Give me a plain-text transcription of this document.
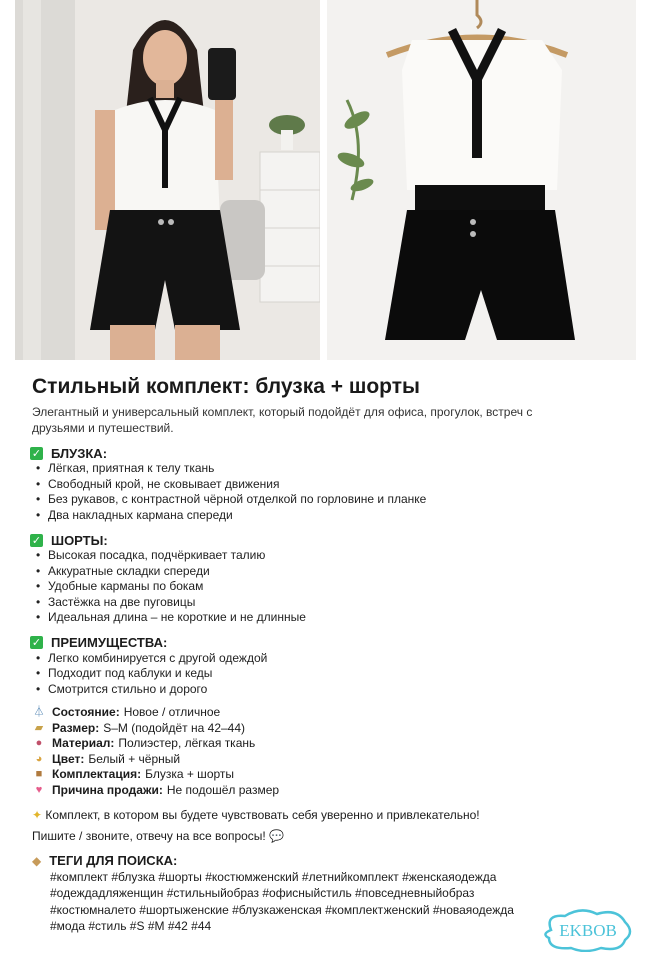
Стильный комплект: блузка + шорты
Элегантный и универсальный комплект, который подойдёт для офиса, прогулок, встреч с друзьями и путешествий.
✓ БЛУЗКА:
• Лёгкая, приятная к телу ткань
• Свободный крой, не сковывает движения
• Без рукавов, с контрастной чёрной отделкой по горловине и планке
• Два накладных кармана спереди
✓ ШОРТЫ:
• Высокая посадка, подчёркивает талию
• Аккуратные складки спереди
• Удобные карманы по бокам
• Застёжка на две пуговицы
• Идеальная длина – не короткие и не длинные
✓ ПРЕИМУЩЕСТВА:
• Легко комбинируется с другой одеждой
• Подходит под каблуки и кеды
• Смотрится стильно и дорого
⏃ Состояние: Новое / отличное
▰ Размер: S–M (подойдёт на 42–44)
● Материал: Полиэстер, лёгкая ткань
◕ Цвет: Белый + чёрный
■ Комплектация: Блузка + шорты
♥ Причина продажи: Не подошёл размер
✦ Комплект, в котором вы будете чувствовать себя уверенно и привлекательно!
Пишите / звоните, отвечу на все вопросы! 💬
◆ ТЕГИ ДЛЯ ПОИСКА:
#комплект #блузка #шорты #костюмженский #летнийкомплект #женскаяодежда
#одеждадляженщин #стильныйобраз #офисныйстиль #повседневныйобраз
#костюмналето #шортыженские #блузкаженская #комплектженский #новаяодежда
#мода #стиль #S #M #42 #44	EKBOB
